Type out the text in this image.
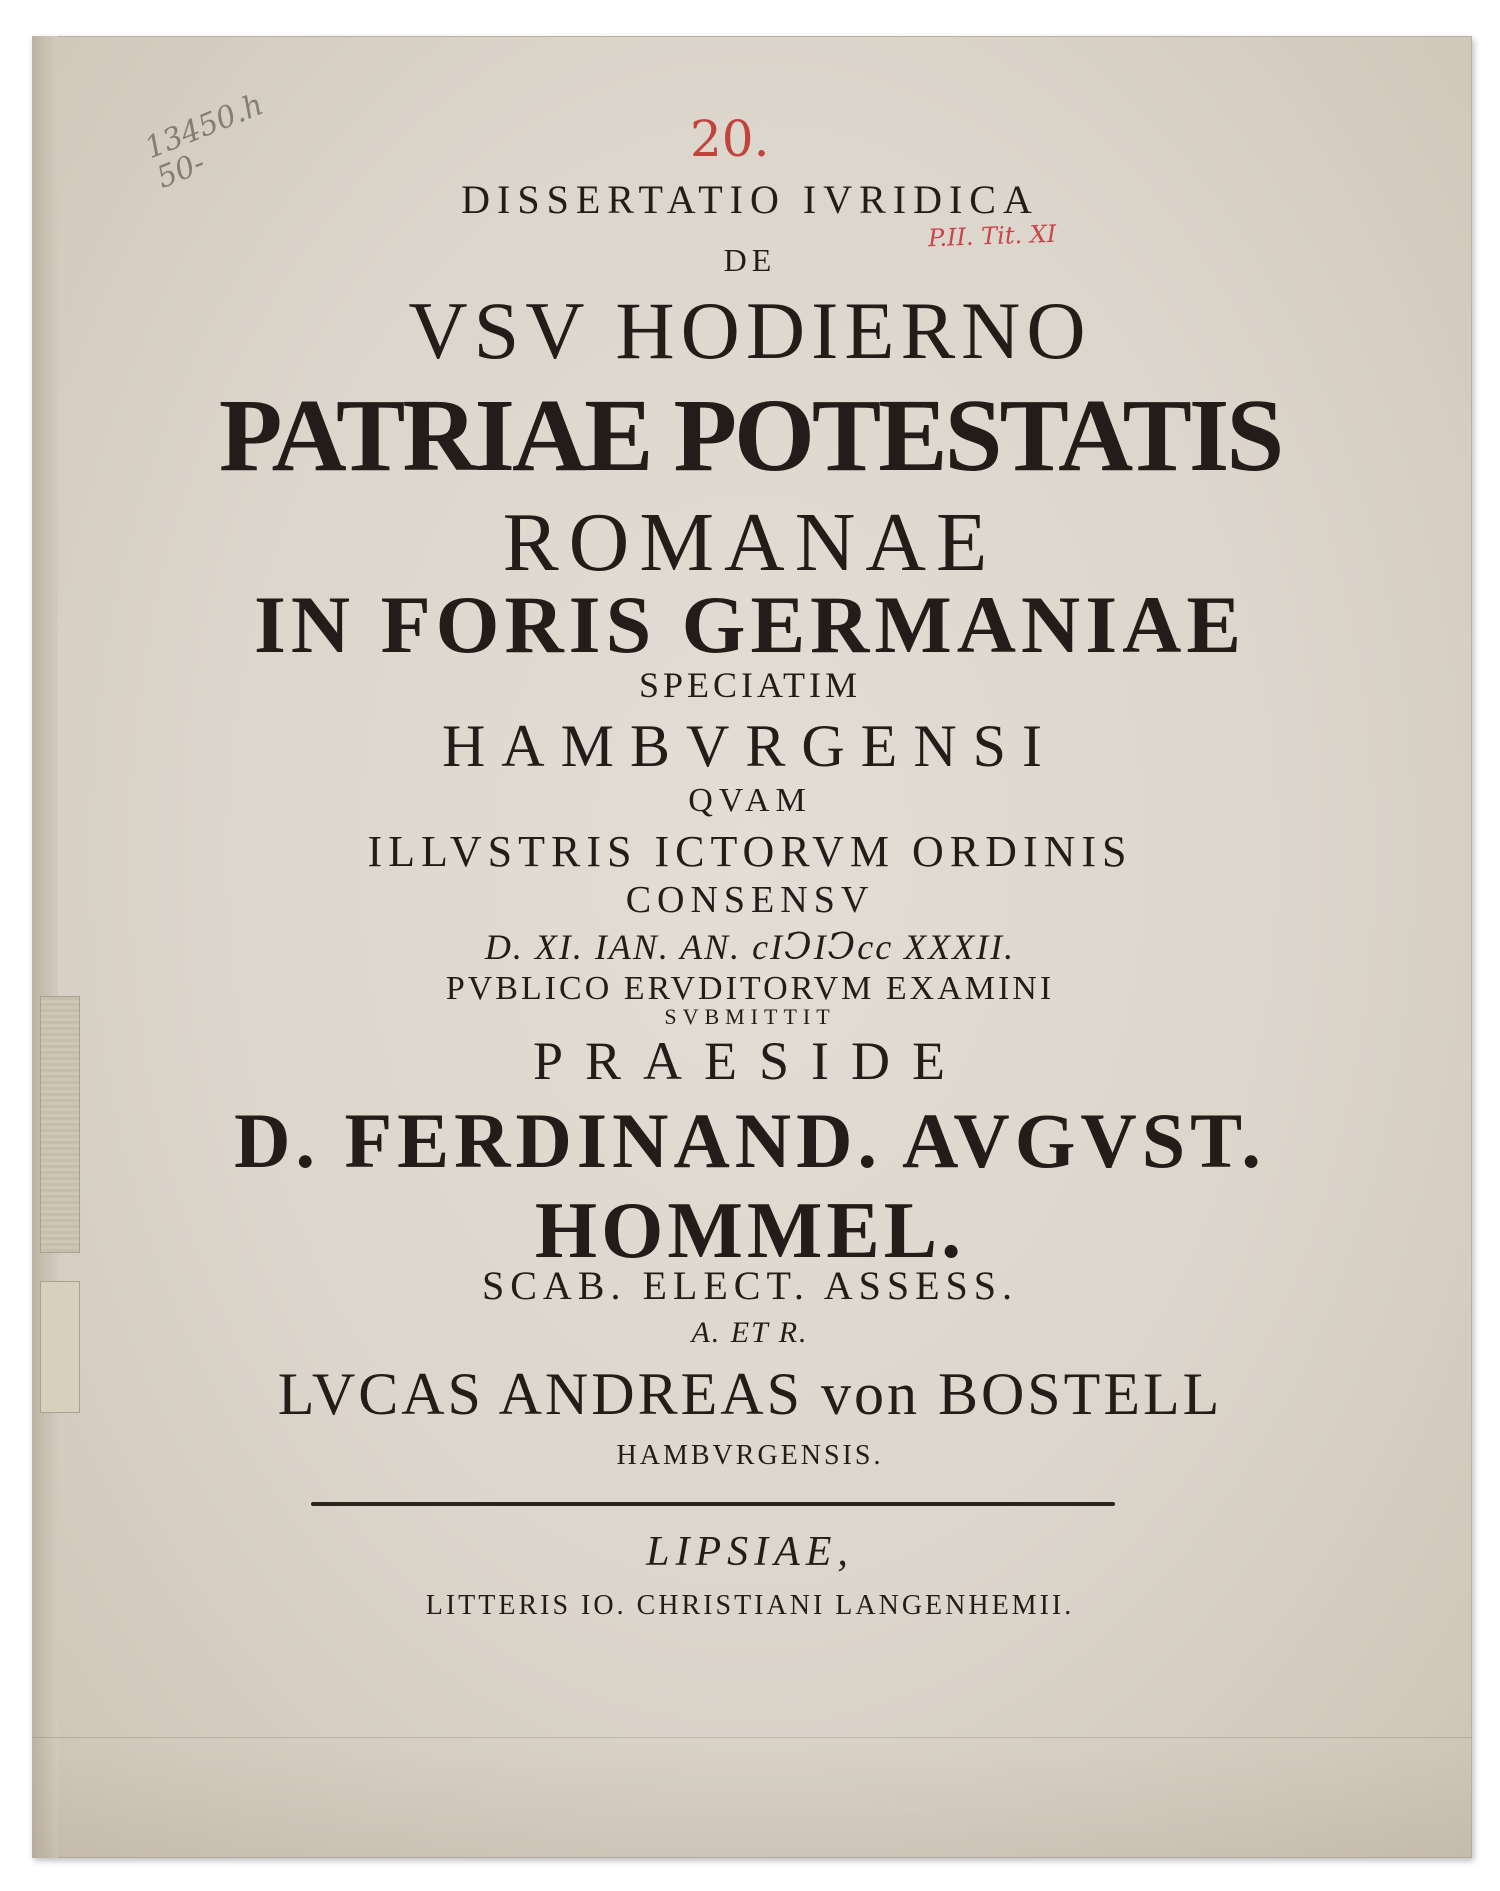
13450.h
50-
20.
P.II. Tit. XI
DISSERTATIO IVRIDICA
DE
VSV HODIERNO
PATRIAE POTESTATIS
ROMANAE
IN FORIS GERMANIAE
SPECIATIM
HAMBVRGENSI
QVAM
ILLVSTRIS ICTORVM ORDINIS
CONSENSV
D. XI. IAN. AN. cIↃIↃcc XXXII.
PVBLICO ERVDITORVM EXAMINI
SVBMITTIT
PRAESIDE
D. FERDINAND. AVGVST.
HOMMEL.
SCAB. ELECT. ASSESS.
A. ET R.
LVCAS ANDREAS von BOSTELL
HAMBVRGENSIS.
LIPSIAE,
LITTERIS IO. CHRISTIANI LANGENHEMII.
